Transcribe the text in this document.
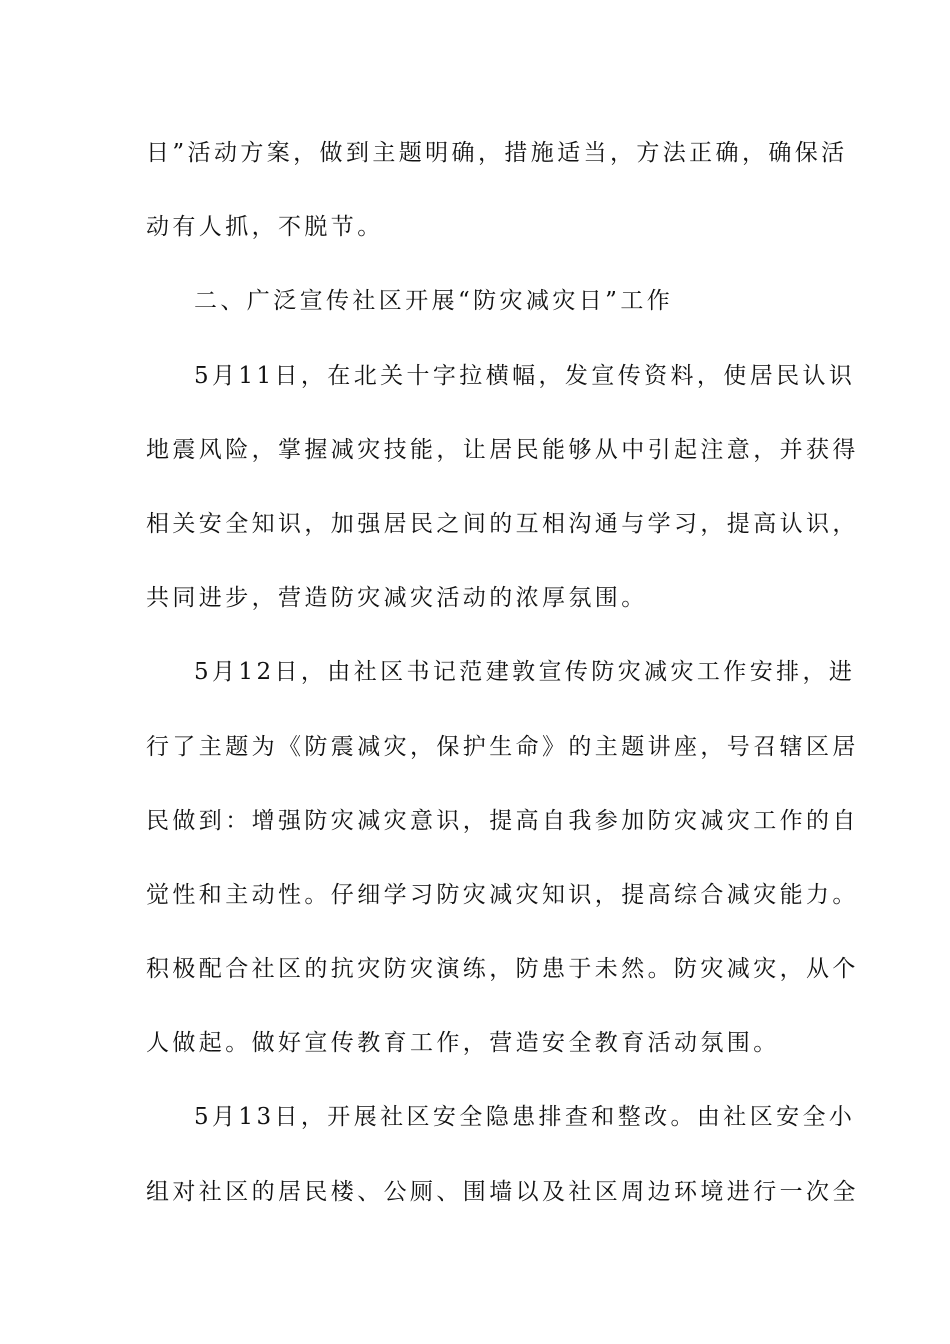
日”活动方案，做到主题明确，措施适当，方法正确，确保活
动有人抓，不脱节。
二、广泛宣传社区开展“防灾减灾日”工作
5月11日，在北关十字拉横幅，发宣传资料，使居民认识
地震风险，掌握减灾技能，让居民能够从中引起注意，并获得
相关安全知识，加强居民之间的互相沟通与学习，提高认识，
共同进步，营造防灾减灾活动的浓厚氛围。
5月12日，由社区书记范建敦宣传防灾减灾工作安排，进
行了主题为《防震减灾，保护生命》的主题讲座，号召辖区居
民做到：增强防灾减灾意识，提高自我参加防灾减灾工作的自
觉性和主动性。仔细学习防灾减灾知识，提高综合减灾能力。
积极配合社区的抗灾防灾演练，防患于未然。防灾减灾，从个
人做起。做好宣传教育工作，营造安全教育活动氛围。
5月13日，开展社区安全隐患排查和整改。由社区安全小
组对社区的居民楼、公厕、围墙以及社区周边环境进行一次全
